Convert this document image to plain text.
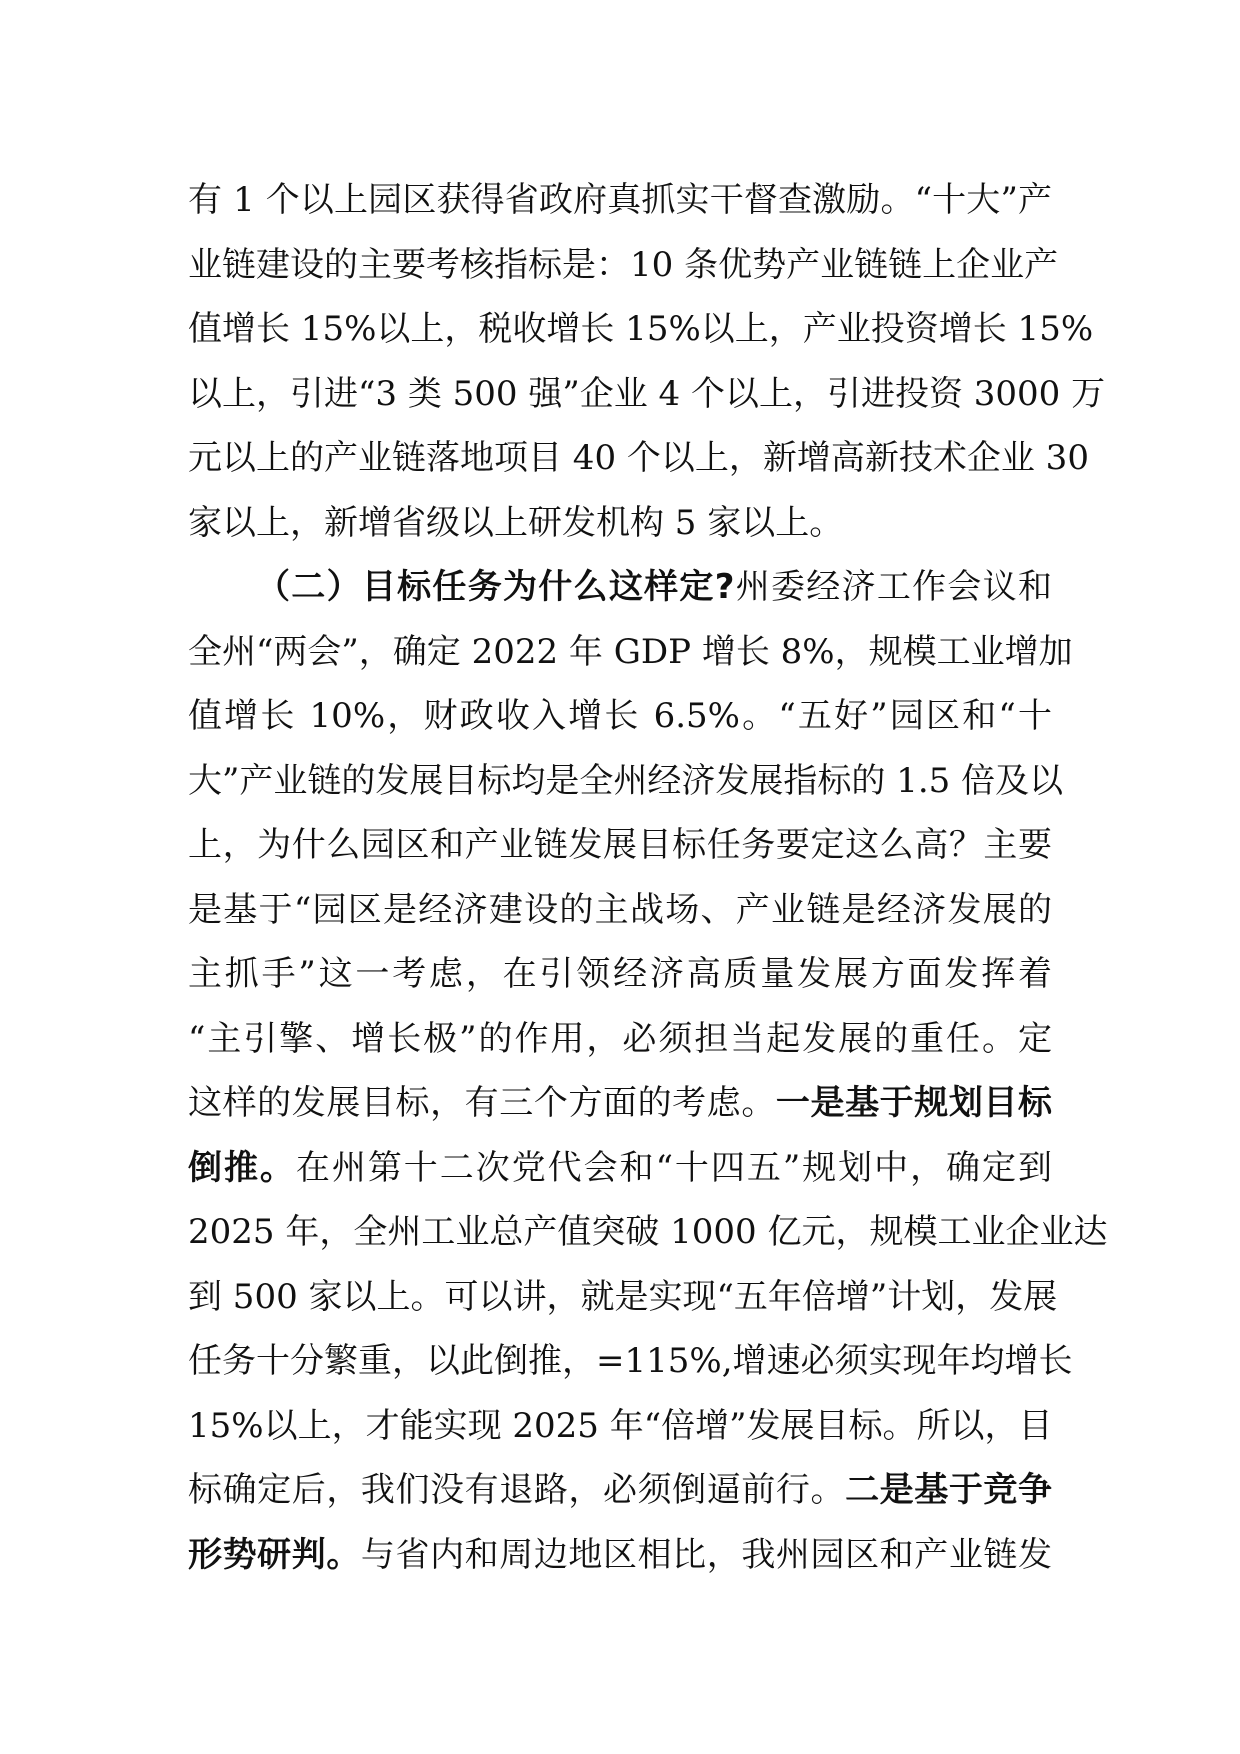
有 1 个以上园区获得省政府真抓实干督查激励。“十大”产
业链建设的主要考核指标是：10 条优势产业链链上企业产
值增长 15%以上，税收增长 15%以上，产业投资增长 15%
以上，引进“3 类 500 强”企业 4 个以上，引进投资 3000 万
元以上的产业链落地项目 40 个以上，新增高新技术企业 30
家以上，新增省级以上研发机构 5 家以上。
（二）目标任务为什么这样定?州委经济工作会议和
全州“两会”，确定 2022 年 GDP 增长 8%，规模工业增加
值增长 10%，财政收入增长 6.5%。“五好”园区和“十
大”产业链的发展目标均是全州经济发展指标的 1.5 倍及以
上，为什么园区和产业链发展目标任务要定这么高？主要
是基于“园区是经济建设的主战场、产业链是经济发展的
主抓手”这一考虑，在引领经济高质量发展方面发挥着
“主引擎、增长极”的作用，必须担当起发展的重任。定
这样的发展目标，有三个方面的考虑。一是基于规划目标
倒推。在州第十二次党代会和“十四五”规划中，确定到
2025 年，全州工业总产值突破 1000 亿元，规模工业企业达
到 500 家以上。可以讲，就是实现“五年倍增”计划，发展
任务十分繁重，以此倒推，=115%,增速必须实现年均增长
15%以上，才能实现 2025 年“倍增”发展目标。所以，目
标确定后，我们没有退路，必须倒逼前行。二是基于竞争
形势研判。与省内和周边地区相比，我州园区和产业链发
